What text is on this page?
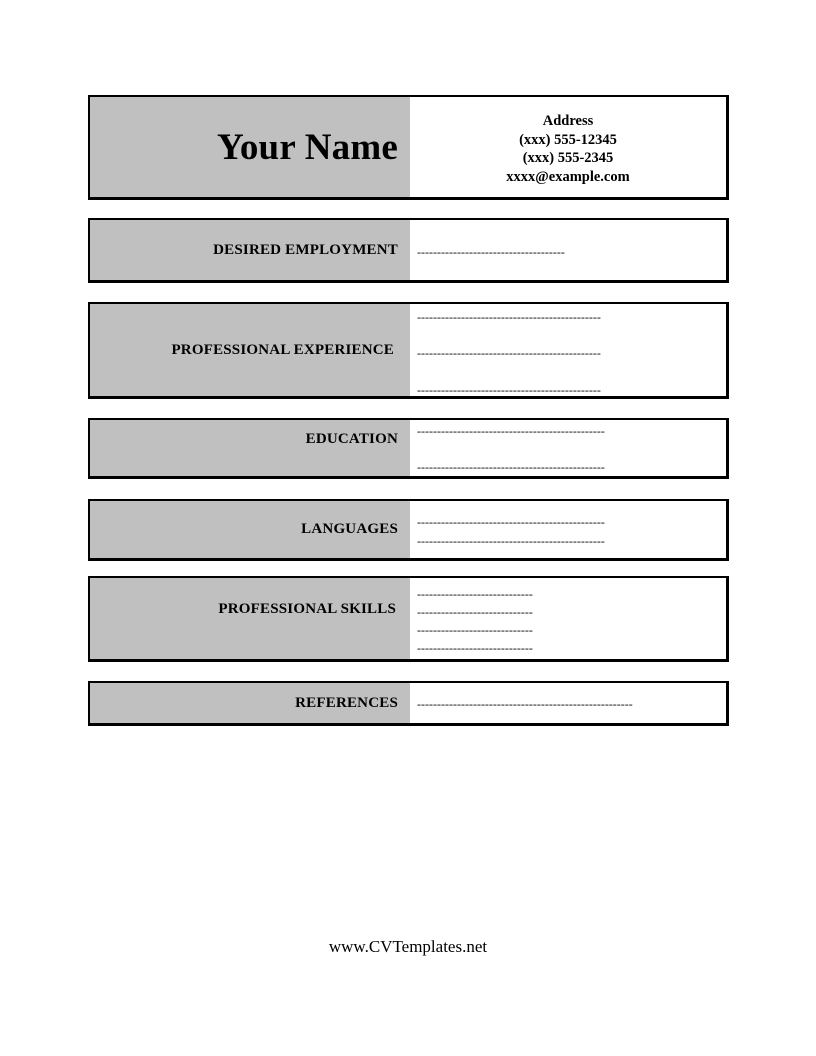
Your Name
Address
(xxx) 555-12345
(xxx) 555-2345
xxxx@example.com
DESIRED EMPLOYMENT -------------------------------------
PROFESSIONAL EXPERIENCE
----------------------------------------------
----------------------------------------------
----------------------------------------------
EDUCATION -----------------------------------------------
-----------------------------------------------
LANGUAGES -----------------------------------------------
-----------------------------------------------
PROFESSIONAL SKILLS
-----------------------------
-----------------------------
-----------------------------
-----------------------------
REFERENCES ------------------------------------------------------
www.CVTemplates.net
